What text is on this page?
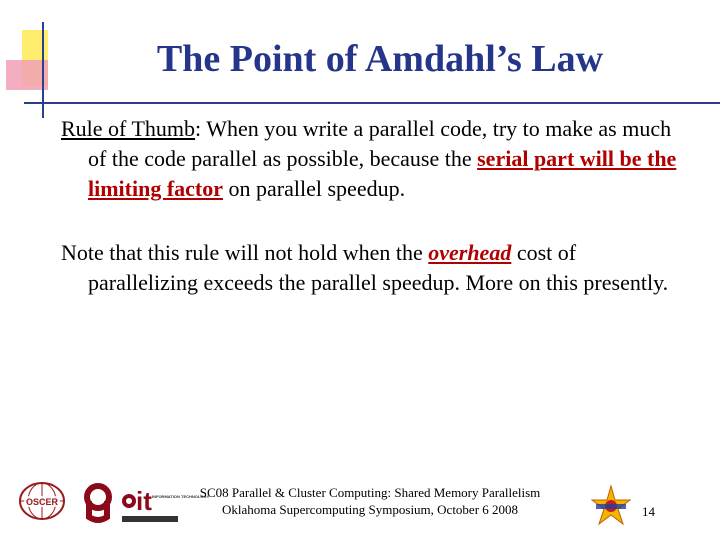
The Point of Amdahl’s Law
Rule of Thumb: When you write a parallel code, try to make as much of the code parallel as possible, because the serial part will be the limiting factor on parallel speedup.
Note that this rule will not hold when the overhead cost of parallelizing exceeds the parallel speedup. More on this presently.
OSCER	it INFORMATION TECHNOLOGY
SC08 Parallel & Cluster Computing: Shared Memory Parallelism
Oklahoma Supercomputing Symposium, October 6 2008	14
